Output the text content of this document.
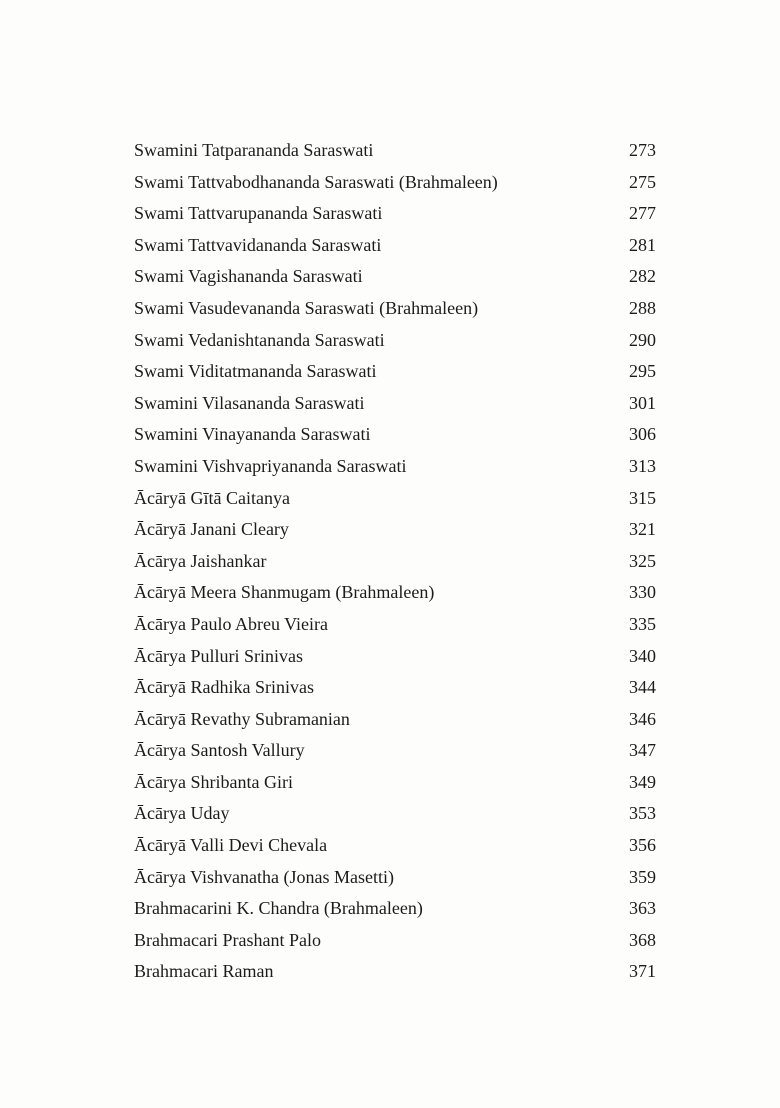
Swamini Tatparananda Saraswati	273
Swami Tattvabodhananda Saraswati (Brahmaleen)	275
Swami Tattvarupananda Saraswati	277
Swami Tattvavidananda Saraswati	281
Swami Vagishananda Saraswati	282
Swami Vasudevananda Saraswati (Brahmaleen)	288
Swami Vedanishtananda Saraswati	290
Swami Viditatmananda Saraswati	295
Swamini Vilasananda Saraswati	301
Swamini Vinayananda Saraswati	306
Swamini Vishvapriyananda Saraswati	313
Ācāryā Gītā Caitanya	315
Ācāryā Janani Cleary	321
Ācārya Jaishankar	325
Ācāryā Meera Shanmugam (Brahmaleen)	330
Ācārya Paulo Abreu Vieira	335
Ācārya Pulluri Srinivas	340
Ācāryā Radhika Srinivas	344
Ācāryā Revathy Subramanian	346
Ācārya Santosh Vallury	347
Ācārya Shribanta Giri	349
Ācārya Uday	353
Ācāryā Valli Devi Chevala	356
Ācārya Vishvanatha (Jonas Masetti)	359
Brahmacarini K. Chandra (Brahmaleen)	363
Brahmacari Prashant Palo	368
Brahmacari Raman	371
